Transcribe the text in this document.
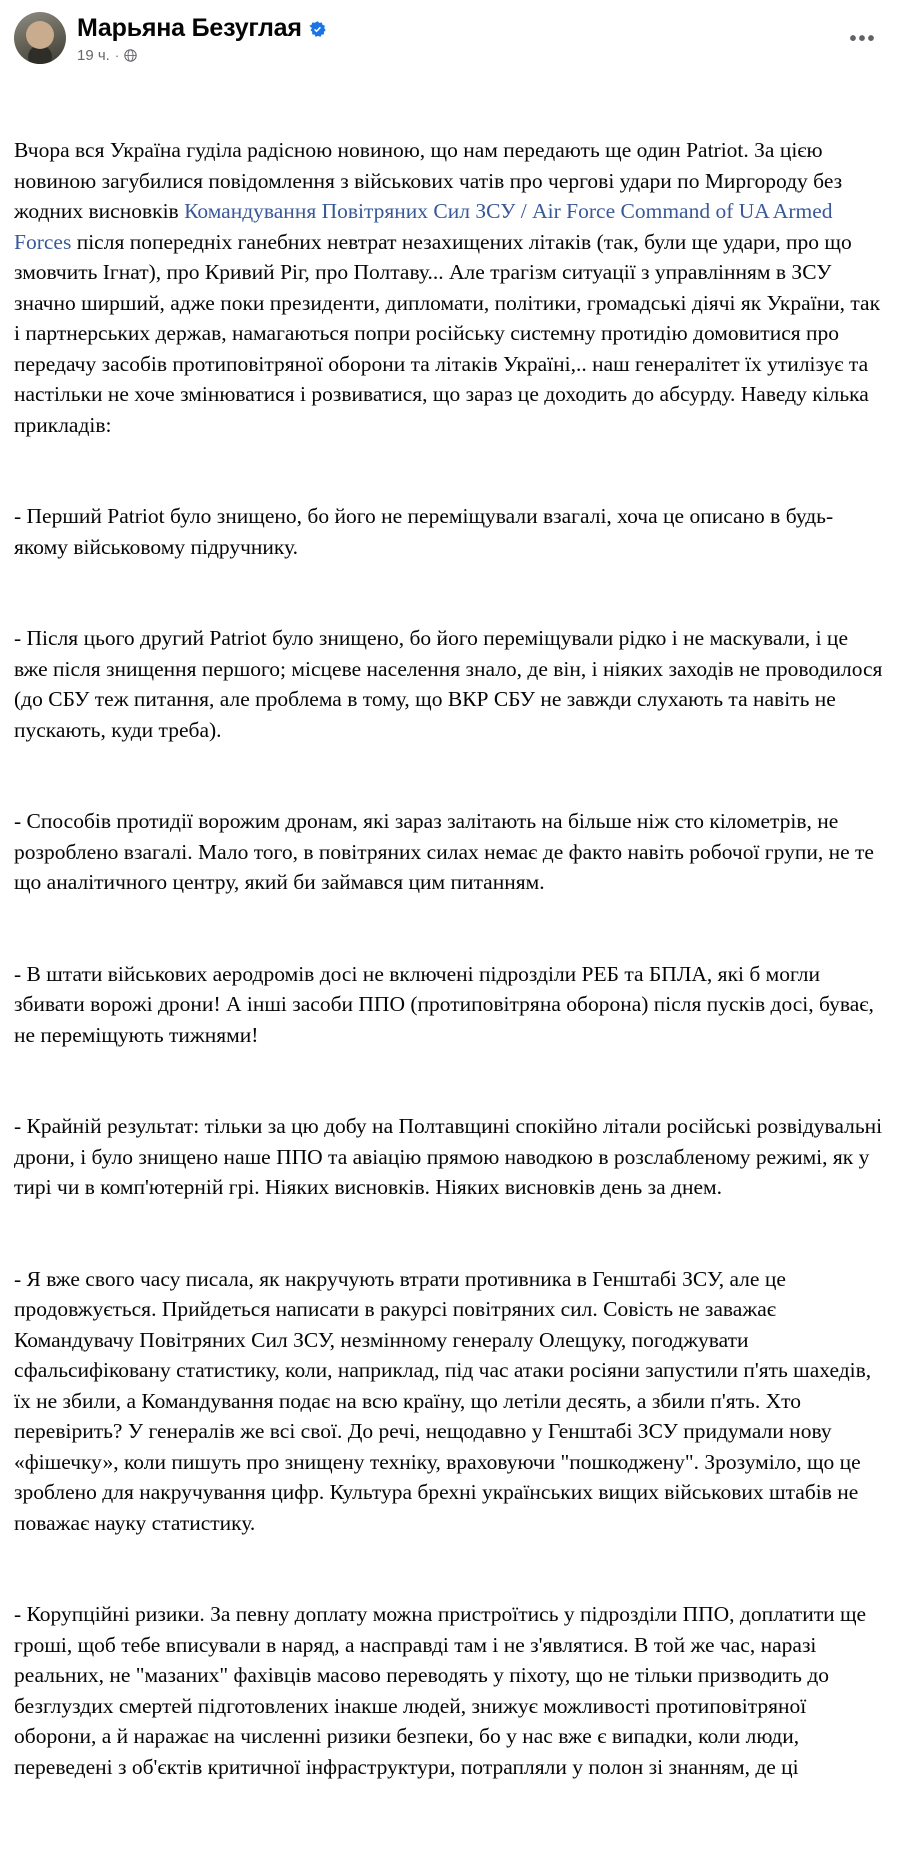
Марьяна Безуглая
19 ч. ·
•••

Вчора вся Україна гудiла радiсною новиною, що нам передають ще один Patriot. За цiєю новиною загубилися повiдомлення з вiйськових чатiв про черговi удари по Миргороду без жодних висновкiв Командування Повiтряних Сил ЗСУ / Air Force Command of UA Armed Forces пiсля попереднiх ганебних невтрат незахищених лiтакiв (так, були ще удари, про що змовчить Iгнат), про Кривий Рiг, про Полтаву... Але трагiзм ситуацiї з управлiнням в ЗСУ значно ширший, адже поки президенти, дипломати, полiтики, громадськi дiячi як України, так i партнерських держав, намагаються попри росiйську системну протидiю домовитися про передачу засобiв протиповiтряної оборони та лiтакiв Українi,.. наш генералiтет їх утилiзує та настiльки не хоче змiнюватися i розвиватися, що зараз це доходить до абсурду. Наведу кiлька прикладiв:

- Перший Patriot було знищено, бо його не перемiщували взагалi, хоча це описано в будь-якому вiйськовому пiдручнику.

- Пiсля цього другий Patriot було знищено, бо його перемiщували рiдко i не маскували, i це вже пiсля знищення першого; мiсцеве населення знало, де вiн, i нiяких заходiв не проводилося (до СБУ теж питання, але проблема в тому, що ВКР СБУ не завжди слухають та навiть не пускають, куди треба).

- Способiв протидiї ворожим дронам, якi зараз залiтають на бiльше нiж сто кiлометрiв, не розроблено взагалi. Мало того, в повiтряних силах немає де факто навiть робочої групи, не те що аналiтичного центру, який би займався цим питанням.

- В штати вiйськових аеродромiв досi не включенi пiдроздiли РЕБ та БПЛА, якi б могли збивати ворожi дрони! А iншi засоби ППО (протиповiтряна оборона) пiсля пускiв досi, буває, не перемiщують тижнями!

- Крайнiй результат: тiльки за цю добу на Полтавщинi спокiйно лiтали росiйськi розвiдувальнi дрони, i було знищено наше ППО та авiацiю прямою наводкою в розслабленому режимi, як у тирi чи в комп'ютернiй грi. Нiяких висновкiв. Нiяких висновкiв день за днем.

- Я вже свого часу писала, як накручують втрати противника в Генштабi ЗСУ, але це продовжується. Прийдеться написати в ракурсi повiтряних сил. Совiсть не заважає Командувачу Повiтряних Сил ЗСУ, незмiнному генералу Олещуку, погоджувати сфальсифiковану статистику, коли, наприклад, пiд час атаки росiяни запустили п'ять шахедiв, їх не збили, а Командування подає на всю країну, що летiли десять, а збили п'ять. Хто перевiрить? У генералiв же всi свої. До речi, нещодавно у Генштабi ЗСУ придумали нову «фiшечку», коли пишуть про знищену технiку, враховуючи "пошкоджену". Зрозумiло, що це зроблено для накручування цифр. Культура брехнi українських вищих вiйськових штабiв не поважає науку статистику.

- Корупцiйнi ризики. За певну доплату можна пристроїтись у пiдроздiли ППО, доплатити ще грошi, щоб тебе вписували в наряд, а насправдi там i не з'являтися. В той же час, наразi реальних, не "мазаних" фахiвцiв масово переводять у пiхоту, що не тiльки призводить до безглуздих смертей пiдготовлених iнакше людей, знижує можливостi протиповiтряної оборони, а й наражає на численнi ризики безпеки, бо у нас вже є випадки, коли люди, переведенi з об'єктiв критичної iнфраструктури, потрапляли у полон зi знанням, де цi
